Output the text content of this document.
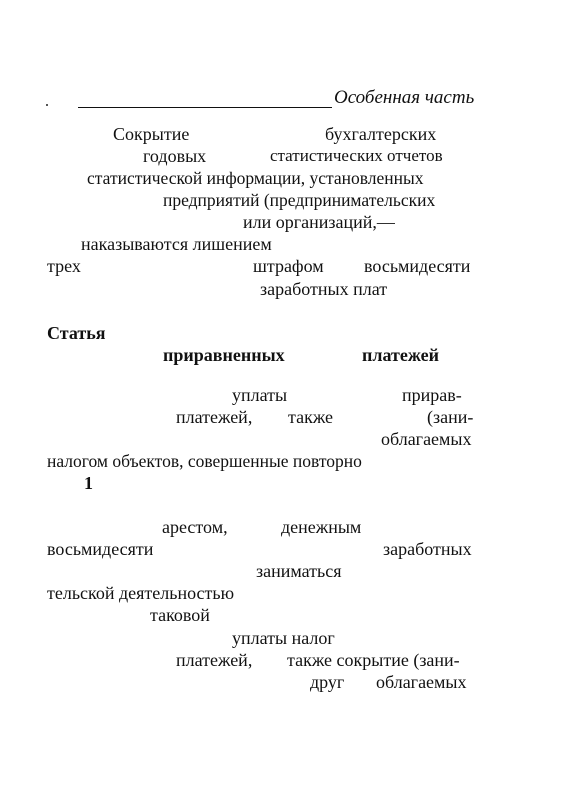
Особенная часть
Сокрытие	бухгалтерских
годовых	статистических отчетов
статистической информации, установленных
предприятий (предпринимательских
или организаций,—
наказываются лишением
трех	штрафом восьмидесяти
заработных плат
Статья
приравненных	платежей
уплаты	прирав-
платежей, также	(зани-
облагаемых
налогом объектов, совершенные повторно
1
арестом,	денежным
восьмидесяти	заработных
заниматься
тельской деятельностью
таковой
уплаты налог
платежей, также сокрытие (зани-
друг облагаемых
